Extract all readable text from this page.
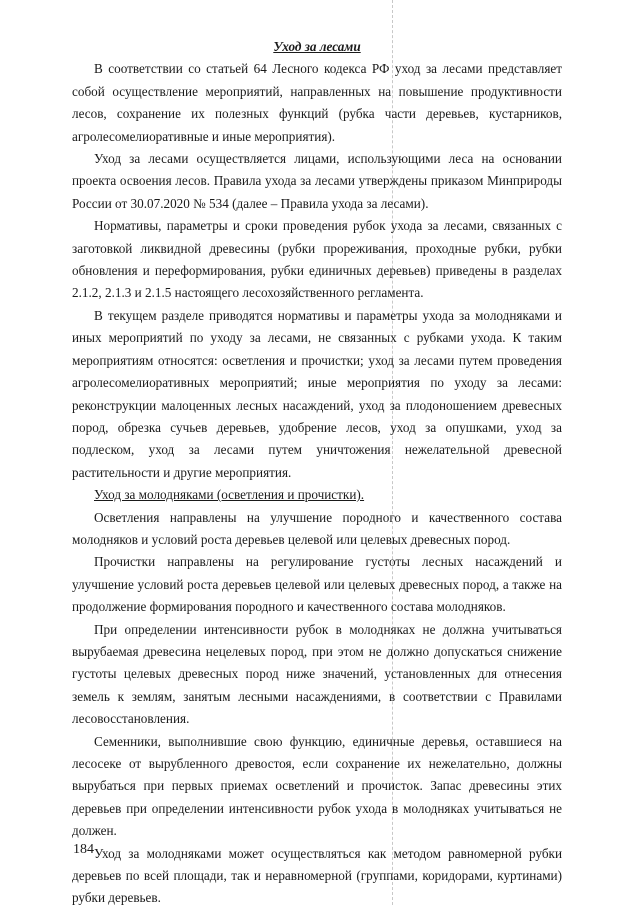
Уход за лесами

В соответствии со статьей 64 Лесного кодекса РФ уход за лесами представляет собой осуществление мероприятий, направленных на повышение продуктивности лесов, сохранение их полезных функций (рубка части деревьев, кустарников, агролесомелиоративные и иные мероприятия).

Уход за лесами осуществляется лицами, использующими леса на основании проекта освоения лесов. Правила ухода за лесами утверждены приказом Минприроды России от 30.07.2020 № 534 (далее – Правила ухода за лесами).

Нормативы, параметры и сроки проведения рубок ухода за лесами, связанных с заготовкой ликвидной древесины (рубки прореживания, проходные рубки, рубки обновления и переформирования, рубки единичных деревьев) приведены в разделах 2.1.2, 2.1.3 и 2.1.5 настоящего лесохозяйственного регламента.

В текущем разделе приводятся нормативы и параметры ухода за молодняками и иных мероприятий по уходу за лесами, не связанных с рубками ухода. К таким мероприятиям относятся: осветления и прочистки; уход за лесами путем проведения агролесомелиоративных мероприятий; иные мероприятия по уходу за лесами: реконструкции малоценных лесных насаждений, уход за плодоношением древесных пород, обрезка сучьев деревьев, удобрение лесов, уход за опушками, уход за подлеском, уход за лесами путем уничтожения нежелательной древесной растительности и другие мероприятия.

Уход за молодняками (осветления и прочистки).

Осветления направлены на улучшение породного и качественного состава молодняков и условий роста деревьев целевой или целевых древесных пород.

Прочистки направлены на регулирование густоты лесных насаждений и улучшение условий роста деревьев целевой или целевых древесных пород, а также на продолжение формирования породного и качественного состава молодняков.

При определении интенсивности рубок в молодняках не должна учитываться вырубаемая древесина нецелевых пород, при этом не должно допускаться снижение густоты целевых древесных пород ниже значений, установленных для отнесения земель к землям, занятым лесными насаждениями, в соответствии с Правилами лесовосстановления.

Семенники, выполнившие свою функцию, единичные деревья, оставшиеся на лесосеке от вырубленного древостоя, если сохранение их нежелательно, должны вырубаться при первых приемах осветлений и прочисток. Запас древесины этих деревьев при определении интенсивности рубок ухода в молодняках учитываться не должен.

Уход за молодняками может осуществляться как методом равномерной рубки деревьев по всей площади, так и неравномерной (группами, коридорами, куртинами) рубки деревьев.

184
